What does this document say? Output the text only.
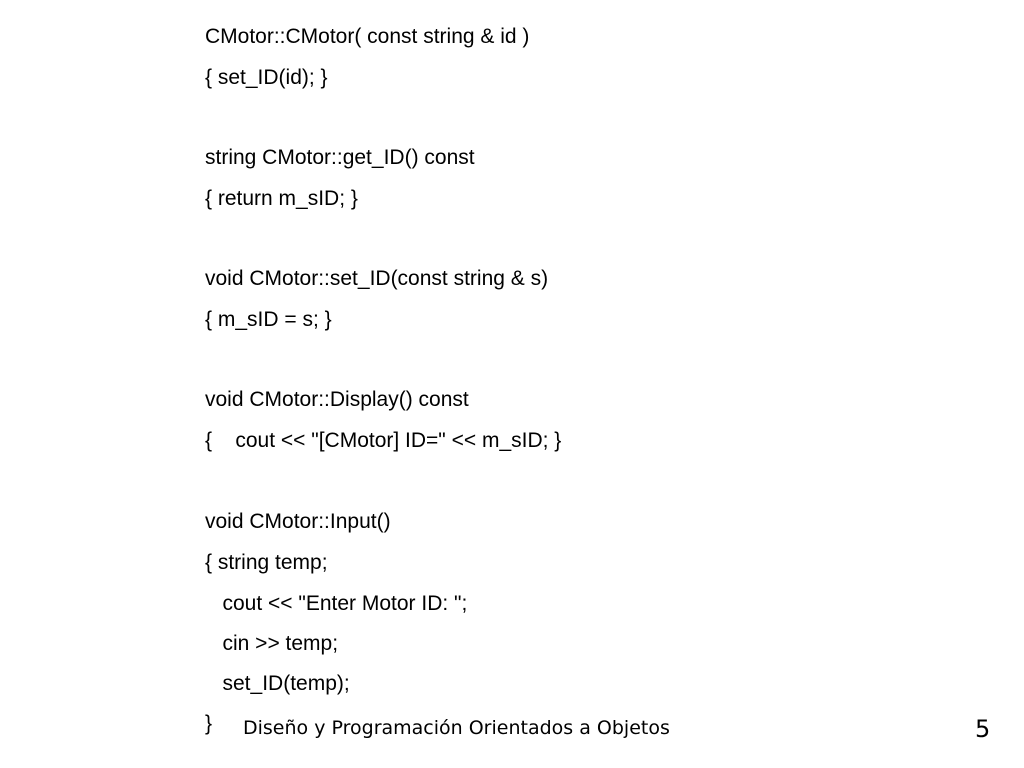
CMotor::CMotor( const string & id )

{ set_ID(id); }

string CMotor::get_ID() const

{ return m_sID; }

void CMotor::set_ID(const string & s)

{ m_sID = s; }

void CMotor::Display() const

{    cout << "[CMotor] ID=" << m_sID; }

void CMotor::Input()

{ string temp;

cout << "Enter Motor ID: ";

cin >> temp;

set_ID(temp);

} Diseño y Programación Orientados a Objetos	5
